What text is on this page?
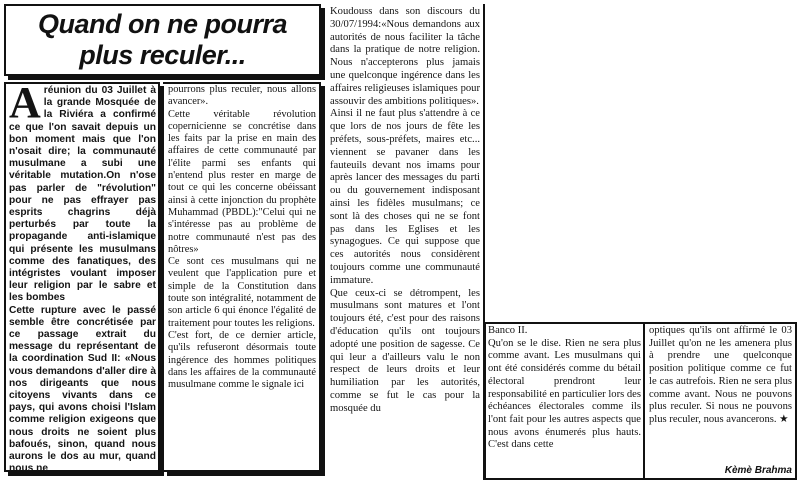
Quand on ne pourra
plus reculer...

A réunion du 03 Juillet à la grande Mosquée de la Riviéra a confirmé ce que l'on savait depuis un bon moment mais que l'on n'osait dire; la communauté musulmane a subi une véritable mutation.On n'ose pas parler de "révolution" pour ne pas effrayer pas esprits chagrins déjà perturbés par toute la propagande anti-islamique qui présente les musulmans comme des fanatiques, des intégristes voulant imposer leur religion par le sabre et les bombes

Cette rupture avec le passé semble être concrétisée par ce passage extrait du message du représentant de la coordination Sud II: «Nous vous demandons d'aller dire à nos dirigeants que nous citoyens vivants dans ce pays, qui avons choisi l'Islam comme religion exigeons que nous droits ne soient plus bafoués, sinon, quand nous aurons le dos au mur, quand nous ne

pourrons plus reculer, nous allons avancer».

Cette véritable révolution copernicienne se concrétise dans les faits par la prise en main des affaires de cette communauté par l'élite parmi ses enfants qui n'entend plus rester en marge de tout ce qui les concerne obéissant ainsi à cette injonction du prophète Muhammad (PBDL):"Celui qui ne s'intéresse pas au problème de notre communauté n'est pas des nôtres»

Ce sont ces musulmans qui ne veulent que l'application pure et simple de la Constitution dans toute son intégralité, notamment de son article 6 qui énonce l'égalité de traitement pour toutes les religions.

C'est fort, de ce dernier article, qu'ils refuseront désormais toute ingérence des hommes politiques dans les affaires de la communauté musulmane comme le signale ici

Koudouss dans son discours du 30/07/1994:«Nous demandons aux autorités de nous faciliter la tâche dans la pratique de notre religion. Nous n'accepterons plus jamais une quelconque ingérence dans les affaires religieuses islamiques pour assouvir des ambitions politiques».

Ainsi il ne faut plus s'attendre à ce que lors de nos jours de fête les préfets, sous-préfets, maires etc... viennent se pavaner dans les fauteuils devant nos imams pour après lancer des messages du parti ou du gouvernement indisposant ainsi les fidèles musulmans; ce sont là des choses qui ne se font pas dans les Eglises et les synagogues. Ce qui suppose que ces autorités nous considèrent toujours comme une communauté immature.

Que ceux-ci se détrompent, les musulmans sont matures et l'ont toujours été, c'est pour des raisons d'éducation qu'ils ont toujours adopté une position de sagesse. Ce qui leur a d'ailleurs valu le non respect de leurs droits et leur humiliation par les autorités, comme se fut le cas pour la mosquée du

Banco II.

Qu'on se le dise. Rien ne sera plus comme avant. Les musulmans qui ont été considérés comme du bétail électoral prendront leur responsabilité en particulier lors des échéances électorales comme ils l'ont fait pour les autres aspects que nous avons énumerés plus hauts. C'est dans cette

optiques qu'ils ont affirmé le 03 Juillet qu'on ne les amenera plus à prendre une quelconque position politique comme ce fut le cas autrefois. Rien ne sera plus comme avant. Nous ne pouvons plus reculer. Si nous ne pouvons plus reculer, nous avancerons. ★

Kèmè Brahma
